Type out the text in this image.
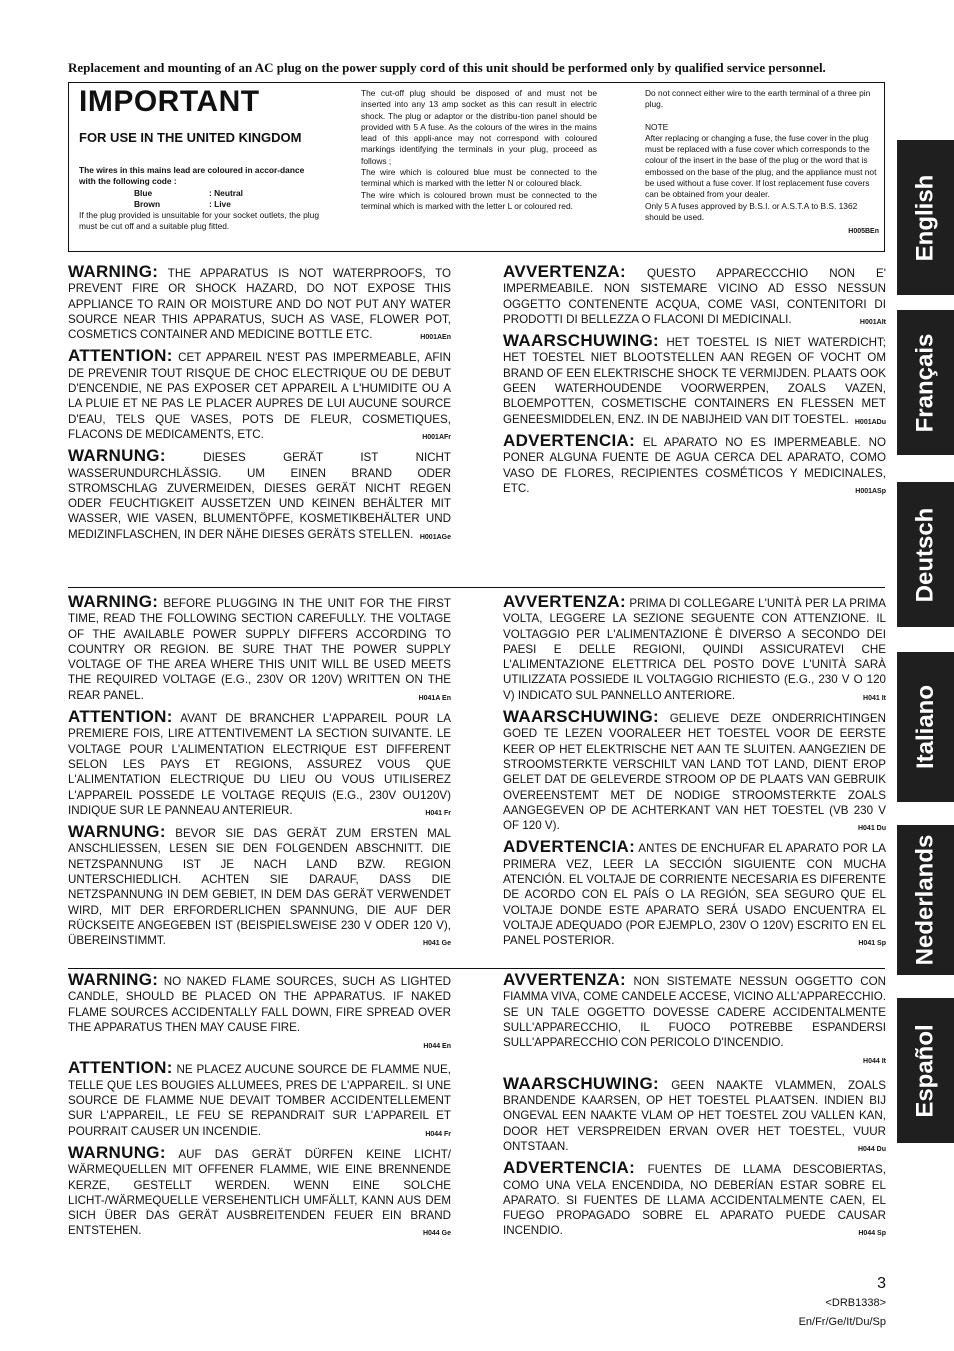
Replacement and mounting of an AC plug on the power supply cord of this unit should be performed only by qualified service personnel.
IMPORTANT
FOR USE IN THE UNITED KINGDOM
The wires in this mains lead are coloured in accor-dance with the following code :
Blue	: Neutral
Brown	: Live
If the plug provided is unsuitable for your socket outlets, the plug must be cut off and a suitable plug fitted.
The cut-off plug should be disposed of and must not be inserted into any 13 amp socket as this can result in electric shock. The plug or adaptor or the distribu-tion panel should be provided with 5 A fuse. As the colours of the wires in the mains lead of this appli-ance may not correspond with coloured markings identifying the terminals in your plug, proceed as follows ;
The wire which is coloured blue must be connected to the terminal which is marked with the letter N or coloured black.
The wire which is coloured brown must be connected to the terminal which is marked with the letter L or coloured red.
Do not connect either wire to the earth terminal of a three pin plug.
NOTE
After replacing or changing a fuse, the fuse cover in the plug must be replaced with a fuse cover which corresponds to the colour of the insert in the base of the plug or the word that is embossed on the base of the plug, and the appliance must not be used without a fuse cover. If lost replacement fuse covers can be obtained from your dealer.
Only 5 A fuses approved by B.S.I. or A.S.T.A to B.S. 1362 should be used.
H005BEn
WARNING: THE APPARATUS IS NOT WATERPROOFS, TO PREVENT FIRE OR SHOCK HAZARD, DO NOT EXPOSE THIS APPLIANCE TO RAIN OR MOISTURE AND DO NOT PUT ANY WATER SOURCE NEAR THIS APPARATUS, SUCH AS VASE, FLOWER POT, COSMETICS CONTAINER AND MEDICINE BOTTLE ETC.	H001AEn
ATTENTION: CET APPAREIL N'EST PAS IMPERMEABLE, AFIN DE PREVENIR TOUT RISQUE DE CHOC ELECTRIQUE OU DE DEBUT D'ENCENDIE, NE PAS EXPOSER CET APPAREIL A L'HUMIDITE OU A LA PLUIE ET NE PAS LE PLACER AUPRES DE LUI AUCUNE SOURCE D'EAU, TELS QUE VASES, POTS DE FLEUR, COSMETIQUES, FLACONS DE MEDICAMENTS, ETC.	H001AFr
WARNUNG: DIESES GERÄT IST NICHT WASSERUNDURCHLÄSSIG. UM EINEN BRAND ODER STROMSCHLAG ZUVERMEIDEN, DIESES GERÄT NICHT REGEN ODER FEUCHTIGKEIT AUSSETZEN UND KEINEN BEHÄLTER MIT WASSER, WIE VASEN, BLUMENTÖPFE, KOSMETIKBEHÄLTER UND MEDIZINFLASCHEN, IN DER NÄHE DIESES GERÄTS STELLEN. H001AGe
AVVERTENZA: QUESTO APPARECCCHIO NON E' IMPERMEABILE. NON SISTEMARE VICINO AD ESSO NESSUN OGGETTO CONTENENTE ACQUA, COME VASI, CONTENITORI DI PRODOTTI DI BELLEZZA O FLACONI DI MEDICINALI.	H001AIt
WAARSCHUWING: HET TOESTEL IS NIET WATERDICHT; HET TOESTEL NIET BLOOTSTELLEN AAN REGEN OF VOCHT OM BRAND OF EEN ELEKTRISCHE SHOCK TE VERMIJDEN. PLAATS OOK GEEN WATERHOUDENDE VOORWERPEN, ZOALS VAZEN, BLOEMPOTTEN, COSMETISCHE CONTAINERS EN FLESSEN MET GENEESMIDDELEN, ENZ. IN DE NABIJHEID VAN DIT TOESTEL. H001ADu
ADVERTENCIA: EL APARATO NO ES IMPERMEABLE. NO PONER ALGUNA FUENTE DE AGUA CERCA DEL APARATO, COMO VASO DE FLORES, RECIPIENTES COSMÉTICOS Y MEDICINALES, ETC.	H001ASp
WARNING: BEFORE PLUGGING IN THE UNIT FOR THE FIRST TIME, READ THE FOLLOWING SECTION CAREFULLY. THE VOLTAGE OF THE AVAILABLE POWER SUPPLY DIFFERS ACCORDING TO COUNTRY OR REGION. BE SURE THAT THE POWER SUPPLY VOLTAGE OF THE AREA WHERE THIS UNIT WILL BE USED MEETS THE REQUIRED VOLTAGE (E.G., 230V OR 120V) WRITTEN ON THE REAR PANEL.	H041A En
ATTENTION: AVANT DE BRANCHER L'APPAREIL POUR LA PREMIERE FOIS, LIRE ATTENTIVEMENT LA SECTION SUIVANTE. LE VOLTAGE POUR L'ALIMENTATION ELECTRIQUE EST DIFFERENT SELON LES PAYS ET REGIONS, ASSUREZ VOUS QUE L'ALIMENTATION ELECTRIQUE DU LIEU OU VOUS UTILISEREZ L'APPAREIL POSSEDE LE VOLTAGE REQUIS (E.G., 230V OU120V) INDIQUE SUR LE PANNEAU ANTERIEUR.	H041 Fr
WARNUNG: BEVOR SIE DAS GERÄT ZUM ERSTEN MAL ANSCHLIESSEN, LESEN SIE DEN FOLGENDEN ABSCHNITT. DIE NETZSPANNUNG IST JE NACH LAND BZW. REGION UNTERSCHIEDLICH. ACHTEN SIE DARAUF, DASS DIE NETZSPANNUNG IN DEM GEBIET, IN DEM DAS GERÄT VERWENDET WIRD, MIT DER ERFORDERLICHEN SPANNUNG, DIE AUF DER RÜCKSEITE ANGEGEBEN IST (BEISPIELSWEISE 230 V ODER 120 V), ÜBEREINSTIMMT.	H041 Ge
AVVERTENZA: PRIMA DI COLLEGARE L'UNITÀ PER LA PRIMA VOLTA, LEGGERE LA SEZIONE SEGUENTE CON ATTENZIONE. IL VOLTAGGIO PER L'ALIMENTAZIONE È DIVERSO A SECONDO DEI PAESI E DELLE REGIONI, QUINDI ASSICURATEVI CHE L'ALIMENTAZIONE ELETTRICA DEL POSTO DOVE L'UNITÀ SARÀ UTILIZZATA POSSIEDE IL VOLTAGGIO RICHIESTO (E.G., 230 V O 120 V) INDICATO SUL PANNELLO ANTERIORE.	H041 It
WAARSCHUWING: GELIEVE DEZE ONDERRICHTINGEN GOED TE LEZEN VOORALEER HET TOESTEL VOOR DE EERSTE KEER OP HET ELEKTRISCHE NET AAN TE SLUITEN. AANGEZIEN DE STROOMSTERKTE VERSCHILT VAN LAND TOT LAND, DIENT EROP GELET DAT DE GELEVERDE STROOM OP DE PLAATS VAN GEBRUIK OVEREENSTEMT MET DE NODIGE STROOMSTERKTE ZOALS AANGEGEVEN OP DE ACHTERKANT VAN HET TOESTEL (VB 230 V OF 120 V).	H041 Du
ADVERTENCIA: ANTES DE ENCHUFAR EL APARATO POR LA PRIMERA VEZ, LEER LA SECCIÓN SIGUIENTE CON MUCHA ATENCIÓN. EL VOLTAJE DE CORRIENTE NECESARIA ES DIFERENTE DE ACORDO CON EL PAÍS O LA REGIÓN, SEA SEGURO QUE EL VOLTAJE DONDE ESTE APARATO SERÁ USADO ENCUENTRA EL VOLTAJE ADEQUADO (POR EJEMPLO, 230V O 120V) ESCRITO EN EL PANEL POSTERIOR.	H041 Sp
WARNING: NO NAKED FLAME SOURCES, SUCH AS LIGHTED CANDLE, SHOULD BE PLACED ON THE APPARATUS. IF NAKED FLAME SOURCES ACCIDENTALLY FALL DOWN, FIRE SPREAD OVER THE APPARATUS THEN MAY CAUSE FIRE.
H044 En
ATTENTION: NE PLACEZ AUCUNE SOURCE DE FLAMME NUE, TELLE QUE LES BOUGIES ALLUMEES, PRES DE L'APPAREIL. SI UNE SOURCE DE FLAMME NUE DEVAIT TOMBER ACCIDENTELLEMENT SUR L'APPAREIL, LE FEU SE REPANDRAIT SUR L'APPAREIL ET POURRAIT CAUSER UN INCENDIE.	H044 Fr
WARNUNG: AUF DAS GERÄT DÜRFEN KEINE LICHT/ WÄRMEQUELLEN MIT OFFENER FLAMME, WIE EINE BRENNENDE KERZE, GESTELLT WERDEN. WENN EINE SOLCHE LICHT-/WÄRMEQUELLE VERSEHENTLICH UMFÄLLT, KANN AUS DEM SICH ÜBER DAS GERÄT AUSBREITENDEN FEUER EIN BRAND ENTSTEHEN.	H044 Ge
AVVERTENZA: NON SISTEMATE NESSUN OGGETTO CON FIAMMA VIVA, COME CANDELE ACCESE, VICINO ALL'APPARECCHIO. SE UN TALE OGGETTO DOVESSE CADERE ACCIDENTALMENTE SULL'APPARECCHIO, IL FUOCO POTREBBE ESPANDERSI SULL'APPARECCHIO CON PERICOLO D'INCENDIO.
H044 It
WAARSCHUWING: GEEN NAAKTE VLAMMEN, ZOALS BRANDENDE KAARSEN, OP HET TOESTEL PLAATSEN. INDIEN BIJ ONGEVAL EEN NAAKTE VLAM OP HET TOESTEL ZOU VALLEN KAN, DOOR HET VERSPREIDEN ERVAN OVER HET TOESTEL, VUUR ONTSTAAN.	H044 Du
ADVERTENCIA: FUENTES DE LLAMA DESCOBIERTAS, COMO UNA VELA ENCENDIDA, NO DEBERÍAN ESTAR SOBRE EL APARATO. SI FUENTES DE LLAMA ACCIDENTALMENTE CAEN, EL FUEGO PROPAGADO SOBRE EL APARATO PUEDE CAUSAR INCENDIO.	H044 Sp
English
Français
Deutsch
Italiano
Nederlands
Español
3
<DRB1338>
En/Fr/Ge/It/Du/Sp
